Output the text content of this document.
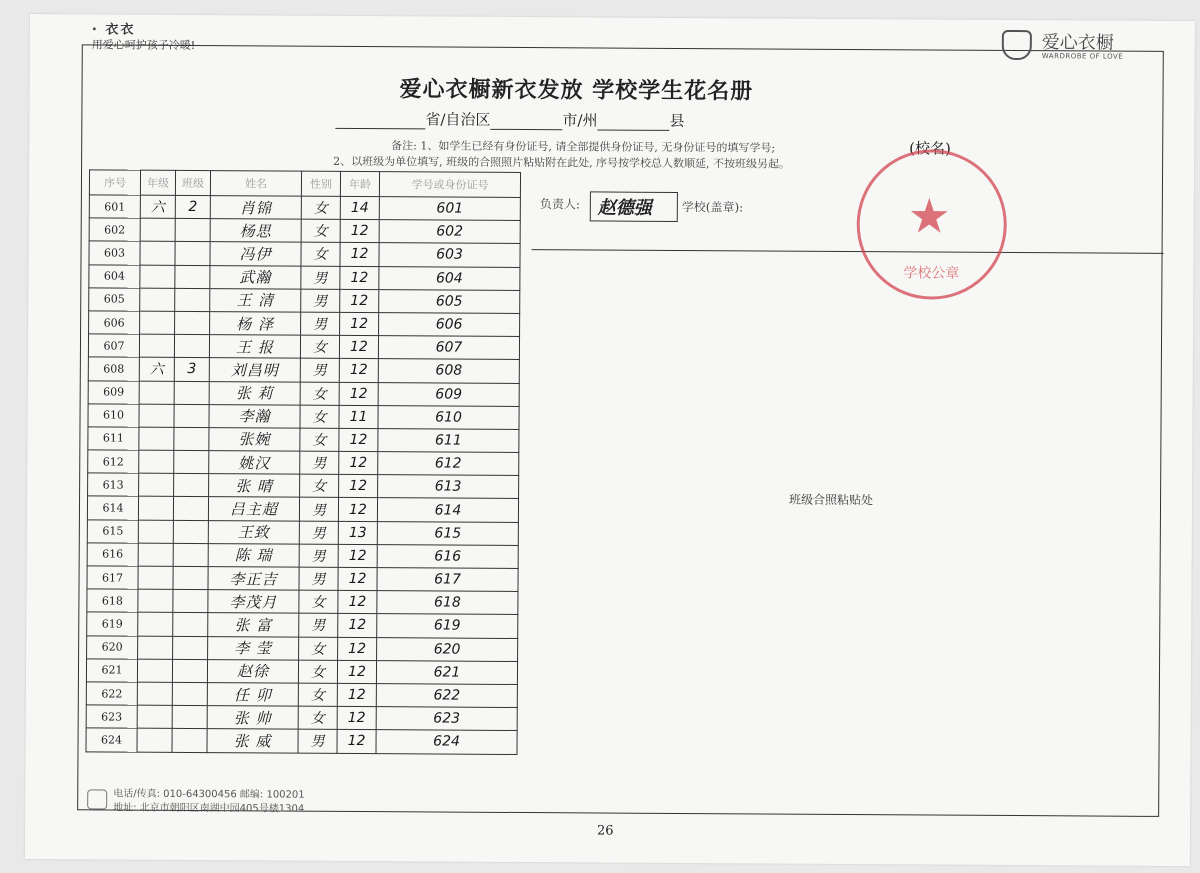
· 衣衣
用爱心呵护孩子冷暖!	爱心衣橱
WARDROBE OF LOVE
爱心衣橱新衣发放 学校学生花名册
省/自治区	市/州	县
(校名)
备注: 1、如学生已经有身份证号, 请全部提供身份证号, 无身份证号的填写学号;
2、以班级为单位填写, 班级的合照照片粘贴附在此处, 序号按学校总人数顺延, 不按班级另起。
序号	年级	班级	姓名	性别	年龄	学号或身份证号
601	六	2	肖锦	女	14	601
602			杨思	女	12	602
603			冯伊	女	12	603
604			武瀚	男	12	604
605			王 清	男	12	605
606			杨 泽	男	12	606
607			王 报	女	12	607
608	六	3	刘昌明	男	12	608
609			张 莉	女	12	609
610			李瀚	女	11	610
611			张婉	女	12	611
612			姚汉	男	12	612
613			张 晴	女	12	613
614			吕主超	男	12	614
615			王致	男	13	615
616			陈 瑞	男	12	616
617			李正吉	男	12	617
618			李茂月	女	12	618
619			张 富	男	12	619
620			李 莹	女	12	620
621			赵徐	女	12	621
622			任 卯	女	12	622
623			张 帅	女	12	623
624			张 威	男	12	624
负责人: 赵德强 学校(盖章):	★
学校公章
班级合照粘贴处
电话/传真: 010-64300456 邮编: 100201
地址: 北京市朝阳区南湖中园405号楼1304
26
